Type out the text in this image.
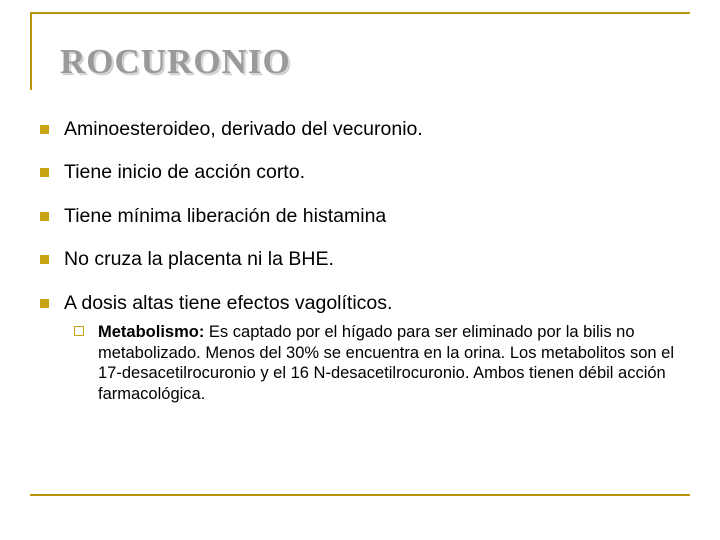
ROCURONIO
Aminoesteroideo, derivado del vecuronio.
Tiene inicio de acción corto.
Tiene mínima liberación de histamina
No cruza la placenta ni la BHE.
A dosis altas tiene efectos vagolíticos.
Metabolismo: Es captado por el hígado para ser eliminado por la bilis no metabolizado. Menos del 30% se encuentra en la orina. Los metabolitos son el 17-desacetilrocuronio y el 16 N-desacetilrocuronio. Ambos tienen débil acción farmacológica.
